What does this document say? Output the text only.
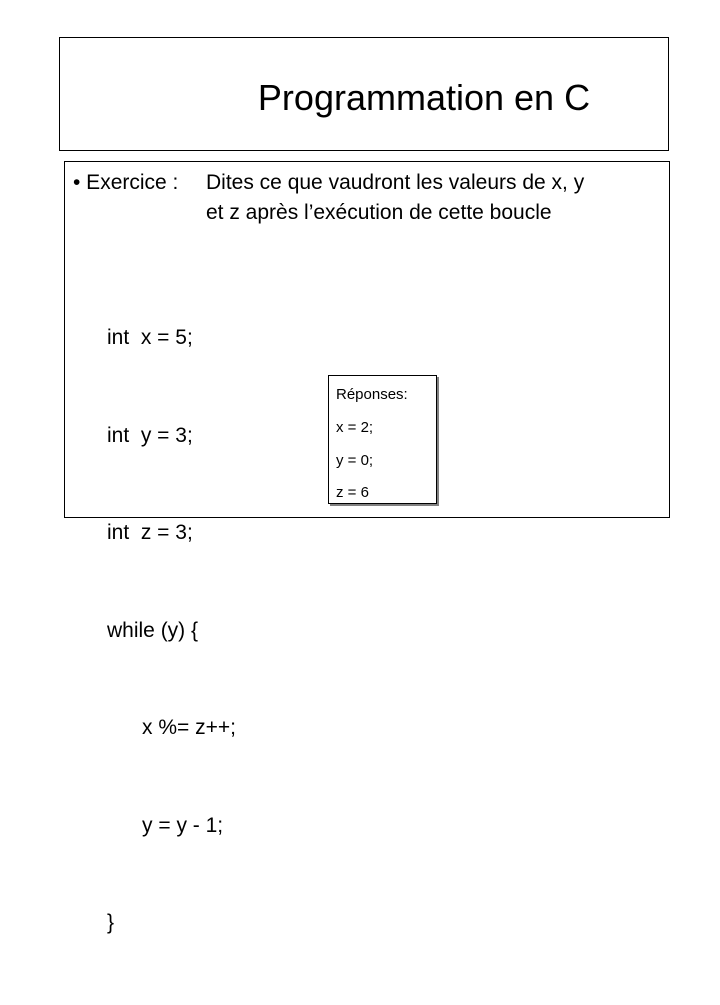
Programmation en C
• Exercice : Dites ce que vaudront les valeurs de x, y
et z après l’exécution de cette boucle

int  x = 5;

int  y = 3;

int  z = 3;

while (y) {

x %= z++;

y = y - 1;

}

Réponses:
x = 2;
y = 0;
z = 6
